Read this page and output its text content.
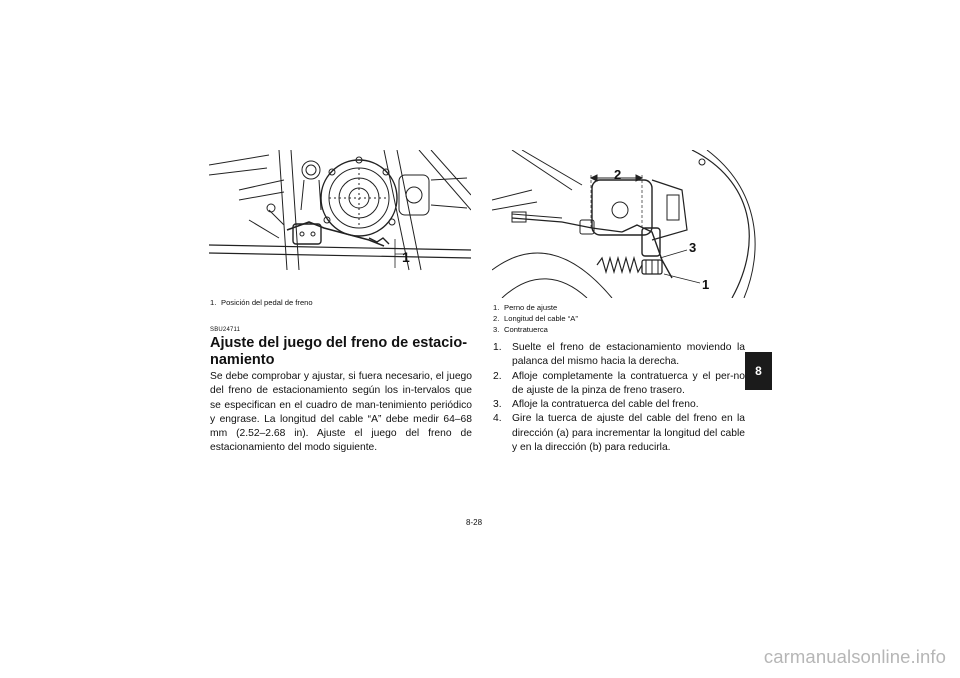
1
1. Posición del pedal de freno
SBU24711
Ajuste del juego del freno de estacio-namiento

Se debe comprobar y ajustar, si fuera necesario, el juego del freno de estacionamiento según los in-tervalos que se especifican en el cuadro de man-tenimiento periódico y engrase. La longitud del cable “A” debe medir 64–68 mm (2.52–2.68 in). Ajuste el juego del freno de estacionamiento del modo siguiente.

2
3
1
1. Perno de ajuste
2. Longitud del cable “A”
3. Contratuerca
1.	Suelte el freno de estacionamiento moviendo la palanca del mismo hacia la derecha.
2.	Afloje completamente la contratuerca y el per-no de ajuste de la pinza de freno trasero.
3.	Afloje la contratuerca del cable del freno.
4.	Gire la tuerca de ajuste del cable del freno en la dirección (a) para incrementar la longitud del cable y en la dirección (b) para reducirla.
8
8-28
carmanualsonline.info
